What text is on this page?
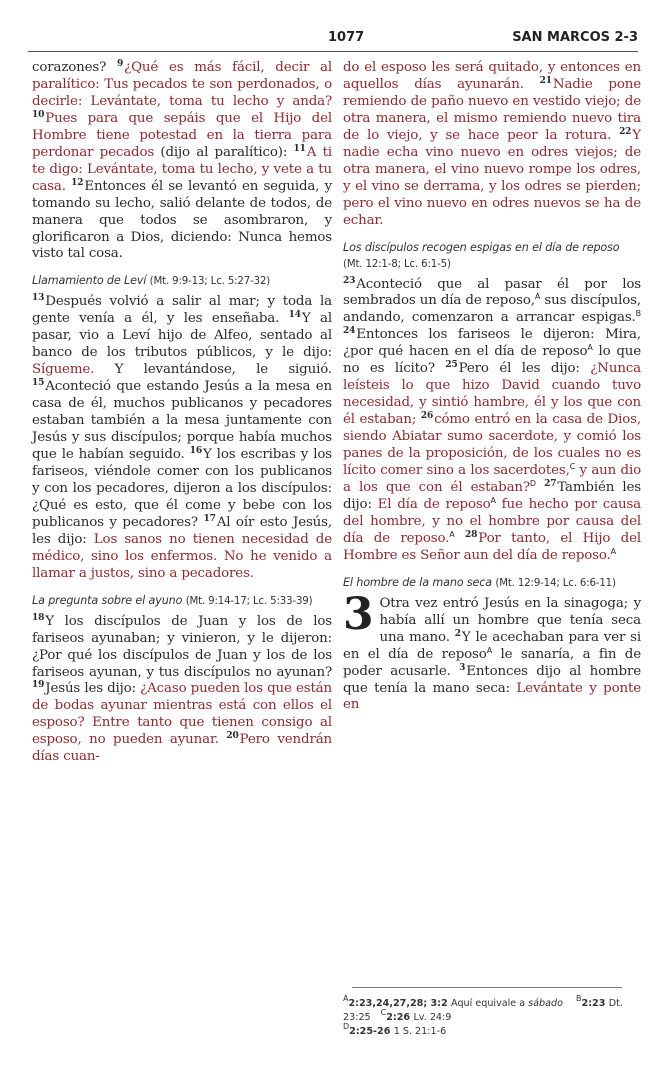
1077	SAN MARCOS 2-3

corazones? $^9$¿Qué es más fácil, decir al paralítico: Tus pecados te son perdonados, o decirle: Levántate, toma tu lecho y anda? $^{10}$Pues para que sepáis que el Hijo del Hombre tiene potestad en la tierra para perdonar pecados (dijo al paralítico): $^{11}$A ti te digo: Levántate, toma tu lecho, y vete a tu casa. $^{12}$Entonces él se levantó en seguida, y tomando su lecho, salió delante de todos, de manera que todos se asombraron, y glorificaron a Dios, diciendo: Nunca hemos visto tal cosa.

Llamamiento de Leví (Mt. 9:9-13; Lc. 5:27-32)

$^{13}$Después volvió a salir al mar; y toda la gente venía a él, y les enseñaba. $^{14}$Y al pasar, vio a Leví hijo de Alfeo, sentado al banco de los tributos públicos, y le dijo: Sígueme. Y levantándose, le siguió. $^{15}$Aconteció que estando Jesús a la mesa en casa de él, muchos publicanos y pecadores estaban también a la mesa juntamente con Jesús y sus discípulos; porque había muchos que le habían seguido. $^{16}$Y los escribas y los fariseos, viéndole comer con los publicanos y con los pecadores, dijeron a los discípulos: ¿Qué es esto, que él come y bebe con los publicanos y pecadores? $^{17}$Al oír esto Jesús, les dijo: Los sanos no tienen necesidad de médico, sino los enfermos. No he venido a llamar a justos, sino a pecadores.

La pregunta sobre el ayuno (Mt. 9:14-17; Lc. 5:33-39)

$^{18}$Y los discípulos de Juan y los de los fariseos ayunaban; y vinieron, y le dijeron: ¿Por qué los discípulos de Juan y los de los fariseos ayunan, y tus discípulos no ayunan? $^{19}$Jesús les dijo: ¿Acaso pueden los que están de bodas ayunar mientras está con ellos el esposo? Entre tanto que tienen consigo al esposo, no pueden ayunar. $^{20}$Pero vendrán días cuan-

do el esposo les será quitado, y entonces en aquellos días ayunarán. $^{21}$Nadie pone remiendo de paño nuevo en vestido viejo; de otra manera, el mismo remiendo nuevo tira de lo viejo, y se hace peor la rotura. $^{22}$Y nadie echa vino nuevo en odres viejos; de otra manera, el vino nuevo rompe los odres, y el vino se derrama, y los odres se pierden; pero el vino nuevo en odres nuevos se ha de echar.

Los discípulos recogen espigas en el día de reposo (Mt. 12:1-8; Lc. 6:1-5)

$^{23}$Aconteció que al pasar él por los sembrados un día de reposo,$^A$ sus discípulos, andando, comenzaron a arrancar espigas.$^B$ $^{24}$Entonces los fariseos le dijeron: Mira, ¿por qué hacen en el día de reposo$^A$ lo que no es lícito? $^{25}$Pero él les dijo: ¿Nunca leísteis lo que hizo David cuando tuvo necesidad, y sintió hambre, él y los que con él estaban; $^{26}$cómo entró en la casa de Dios, siendo Abiatar sumo sacerdote, y comió los panes de la proposición, de los cuales no es lícito comer sino a los sacerdotes,$^C$ y aun dio a los que con él estaban?$^D$ $^{27}$También les dijo: El día de reposo$^A$ fue hecho por causa del hombre, y no el hombre por causa del día de reposo.$^A$ $^{28}$Por tanto, el Hijo del Hombre es Señor aun del día de reposo.$^A$

El hombre de la mano seca (Mt. 12:9-14; Lc. 6:6-11)

3 Otra vez entró Jesús en la sinagoga; y había allí un hombre que tenía seca una mano. $^2$Y le acechaban para ver si en el día de reposo$^A$ le sanaría, a fin de poder acusarle. $^3$Entonces dijo al hombre que tenía la mano seca: Levántate y ponte en

$^A$2:23,24,27,28; 3:2 Aquí equivale a sábado $^B$2:23 Dt. 23:25 $^C$2:26 Lv. 24:9
$^D$2:25-26 1 S. 21:1-6
